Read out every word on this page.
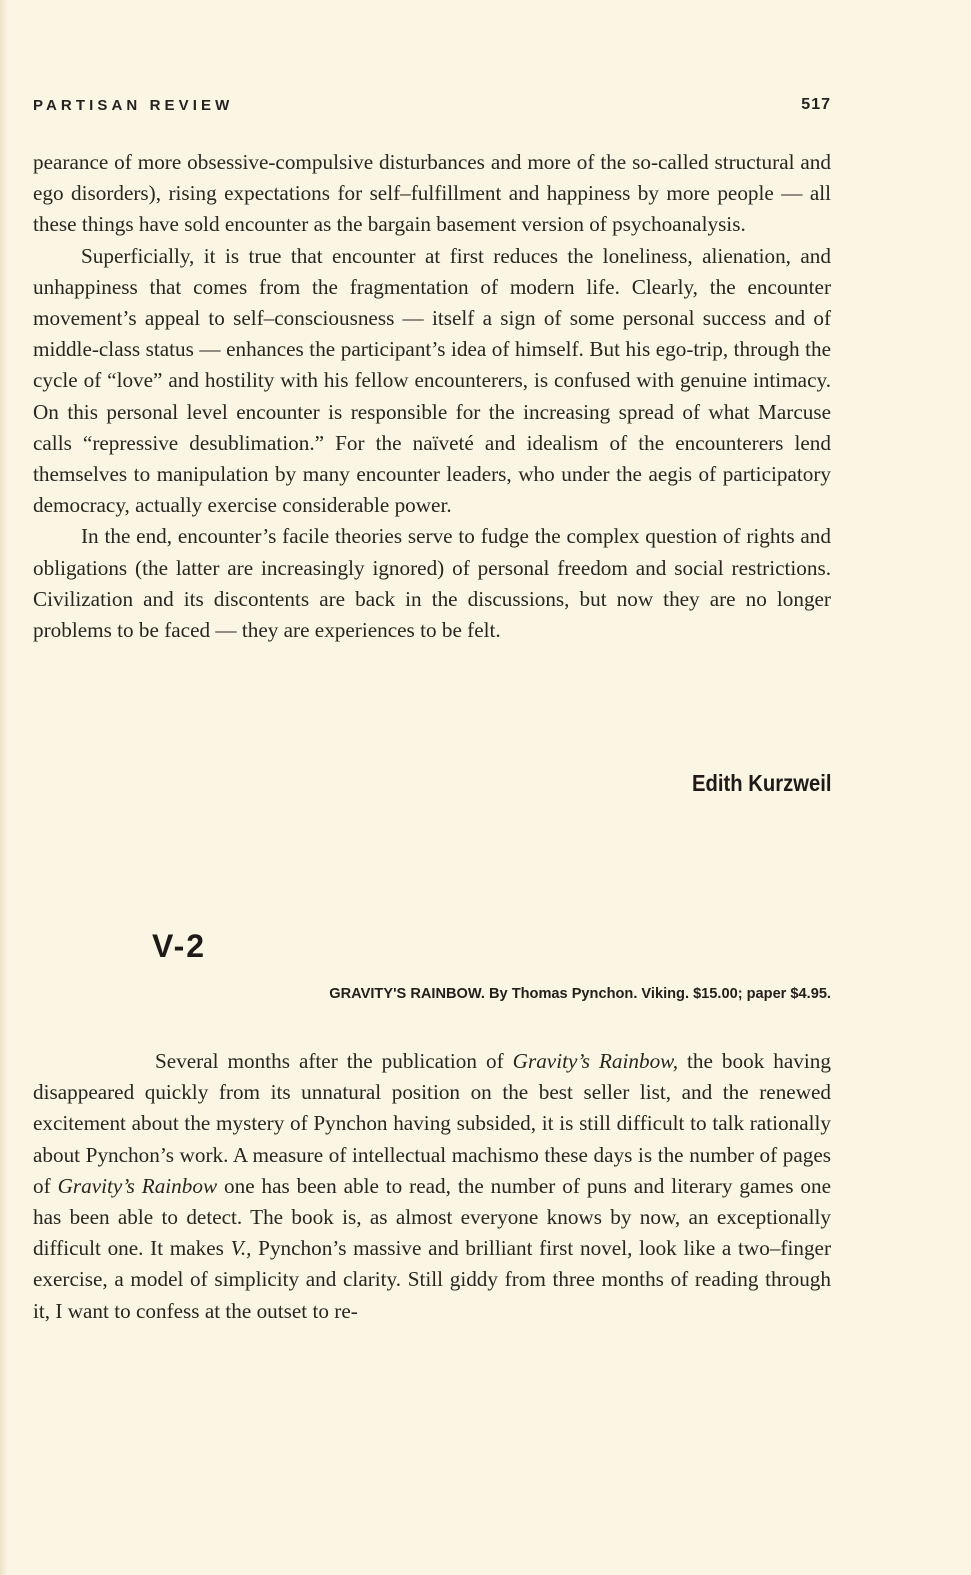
PARTISAN REVIEW	517

pearance of more obsessive-compulsive disturbances and more of the so-called structural and ego disorders), rising expectations for self–fulfillment and happiness by more people — all these things have sold encounter as the bargain basement version of psychoanalysis.

Superficially, it is true that encounter at first reduces the loneliness, alienation, and unhappiness that comes from the fragmentation of modern life. Clearly, the encounter movement’s appeal to self–consciousness — itself a sign of some personal success and of middle-class status — enhances the participant’s idea of himself. But his ego-trip, through the cycle of “love” and hostility with his fellow encounterers, is confused with genuine intimacy. On this personal level encounter is responsible for the increasing spread of what Marcuse calls “repressive desublimation.” For the naïveté and idealism of the encounterers lend themselves to manipulation by many encounter leaders, who under the aegis of participatory democracy, actually exercise considerable power.

In the end, encounter’s facile theories serve to fudge the complex question of rights and obligations (the latter are increasingly ignored) of personal freedom and social restrictions. Civilization and its discontents are back in the discussions, but now they are no longer problems to be faced — they are experiences to be felt.

Edith Kurzweil
V-2
GRAVITY'S RAINBOW. By Thomas Pynchon. Viking. $15.00; paper $4.95.

Several months after the publication of Gravity’s Rainbow, the book having disappeared quickly from its unnatural position on the best seller list, and the renewed excitement about the mystery of Pynchon having subsided, it is still difficult to talk rationally about Pynchon’s work. A measure of intellectual machismo these days is the number of pages of Gravity’s Rainbow one has been able to read, the number of puns and literary games one has been able to detect. The book is, as almost everyone knows by now, an exceptionally difficult one. It makes V., Pynchon’s massive and brilliant first novel, look like a two–finger exercise, a model of simplicity and clarity. Still giddy from three months of reading through it, I want to confess at the outset to re-
